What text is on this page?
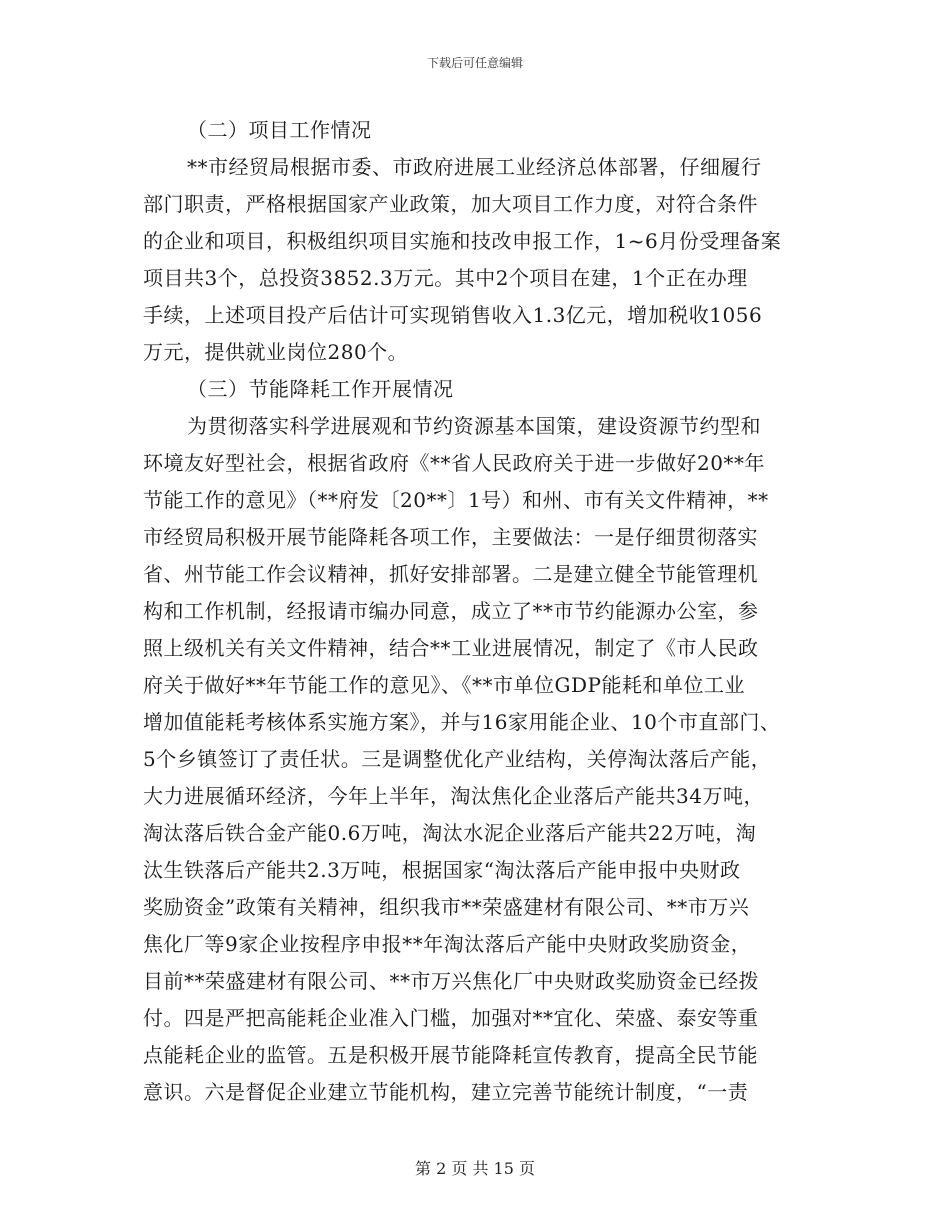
下载后可任意编辑
（二）项目工作情况
**市经贸局根据市委、市政府进展工业经济总体部署，仔细履行
部门职责，严格根据国家产业政策，加大项目工作力度，对符合条件
的企业和项目，积极组织项目实施和技改申报工作，1~6月份受理备案
项目共3个，总投资3852.3万元。其中2个项目在建，1个正在办理
手续，上述项目投产后估计可实现销售收入1.3亿元，增加税收1056
万元，提供就业岗位280个。
（三）节能降耗工作开展情况
为贯彻落实科学进展观和节约资源基本国策，建设资源节约型和
环境友好型社会，根据省政府《**省人民政府关于进一步做好20**年
节能工作的意见》（**府发〔20**〕1号）和州、市有关文件精神，**
市经贸局积极开展节能降耗各项工作，主要做法：一是仔细贯彻落实
省、州节能工作会议精神，抓好安排部署。二是建立健全节能管理机
构和工作机制，经报请市编办同意，成立了**市节约能源办公室，参
照上级机关有关文件精神，结合**工业进展情况，制定了《市人民政
府关于做好**年节能工作的意见》、《**市单位GDP能耗和单位工业
增加值能耗考核体系实施方案》，并与16家用能企业、10个市直部门、
5个乡镇签订了责任状。三是调整优化产业结构，关停淘汰落后产能，
大力进展循环经济，今年上半年，淘汰焦化企业落后产能共34万吨，
淘汰落后铁合金产能0.6万吨，淘汰水泥企业落后产能共22万吨，淘
汰生铁落后产能共2.3万吨，根据国家“淘汰落后产能申报中央财政
奖励资金”政策有关精神，组织我市**荣盛建材有限公司、**市万兴
焦化厂等9家企业按程序申报**年淘汰落后产能中央财政奖励资金，
目前**荣盛建材有限公司、**市万兴焦化厂中央财政奖励资金已经拨
付。四是严把高能耗企业准入门槛，加强对**宜化、荣盛、泰安等重
点能耗企业的监管。五是积极开展节能降耗宣传教育，提高全民节能
意识。六是督促企业建立节能机构，建立完善节能统计制度，“一责
第 2 页 共 15 页
